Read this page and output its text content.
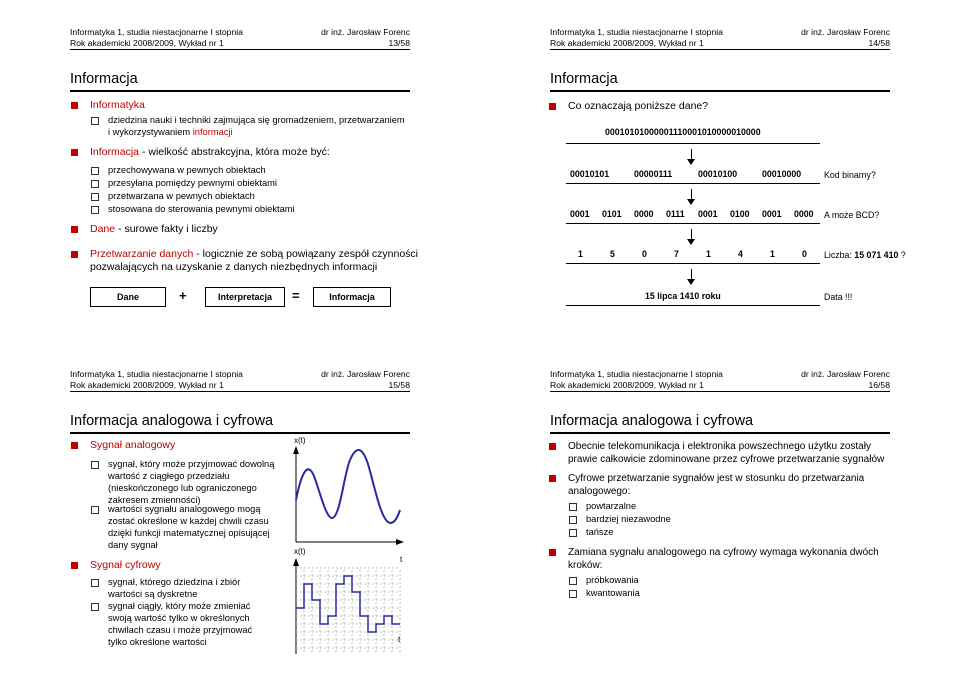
Informatyka 1, studia niestacjonarne I stopnia
Rok akademicki 2008/2009, Wykład nr 1
dr inż. Jarosław Forenc
13/58
Informacja
Informatyka
dziedzina nauki i techniki zajmująca się gromadzeniem, przetwarzaniem
i wykorzystywaniem informacji
Informacja - wielkość abstrakcyjna, która może być:
przechowywana w pewnych obiektach
przesyłana pomiędzy pewnymi obiektami
przetwarzana w pewnych obiektach
stosowana do sterowania pewnymi obiektami
Dane - surowe fakty i liczby
Przetwarzanie danych - logicznie ze sobą powiązany zespół czynności
pozwalających na uzyskanie z danych niezbędnych informacji
Dane	+	Interpretacja	=	Informacja
Informatyka 1, studia niestacjonarne I stopnia
Rok akademicki 2008/2009, Wykład nr 1
dr inż. Jarosław Forenc
14/58
Informacja
Co oznaczają poniższe dane?
00010101000001110001010000010000
00010101	00000111	00010100	00010000	Kod binarny?
0001 0101 0000 0111 0001 0100 0001 0000 A może BCD?
1	5	0	7	1	4	1	0 Liczba: 15 071 410 ?
15 lipca 1410 roku	Data !!!
Informatyka 1, studia niestacjonarne I stopnia
Rok akademicki 2008/2009, Wykład nr 1
dr inż. Jarosław Forenc
15/58
Informacja analogowa i cyfrowa
Sygnał analogowy
sygnał, który może przyjmować dowolną
wartość z ciągłego przedziału
(nieskończonego lub ograniczonego
zakresem zmienności)
wartości sygnału analogowego mogą
zostać określone w każdej chwili czasu
dzięki funkcji matematycznej opisującej
dany sygnał
Sygnał cyfrowy
sygnał, którego dziedzina i zbiór
wartości są dyskretne
sygnał ciągły, który może zmieniać
swoją wartość tylko w określonych
chwilach czasu i może przyjmować
tylko określone wartości
x(t)
t
x(t)
t
Informatyka 1, studia niestacjonarne I stopnia
Rok akademicki 2008/2009, Wykład nr 1
dr inż. Jarosław Forenc
16/58
Informacja analogowa i cyfrowa
Obecnie telekomunikacja i elektronika powszechnego użytku zostały
prawie całkowicie zdominowane przez cyfrowe przetwarzanie sygnałów
Cyfrowe przetwarzanie sygnałów jest w stosunku do przetwarzania
analogowego:
powtarzalne
bardziej niezawodne
tańsze
Zamiana sygnału analogowego na cyfrowy wymaga wykonania dwóch
kroków:
próbkowania
kwantowania
